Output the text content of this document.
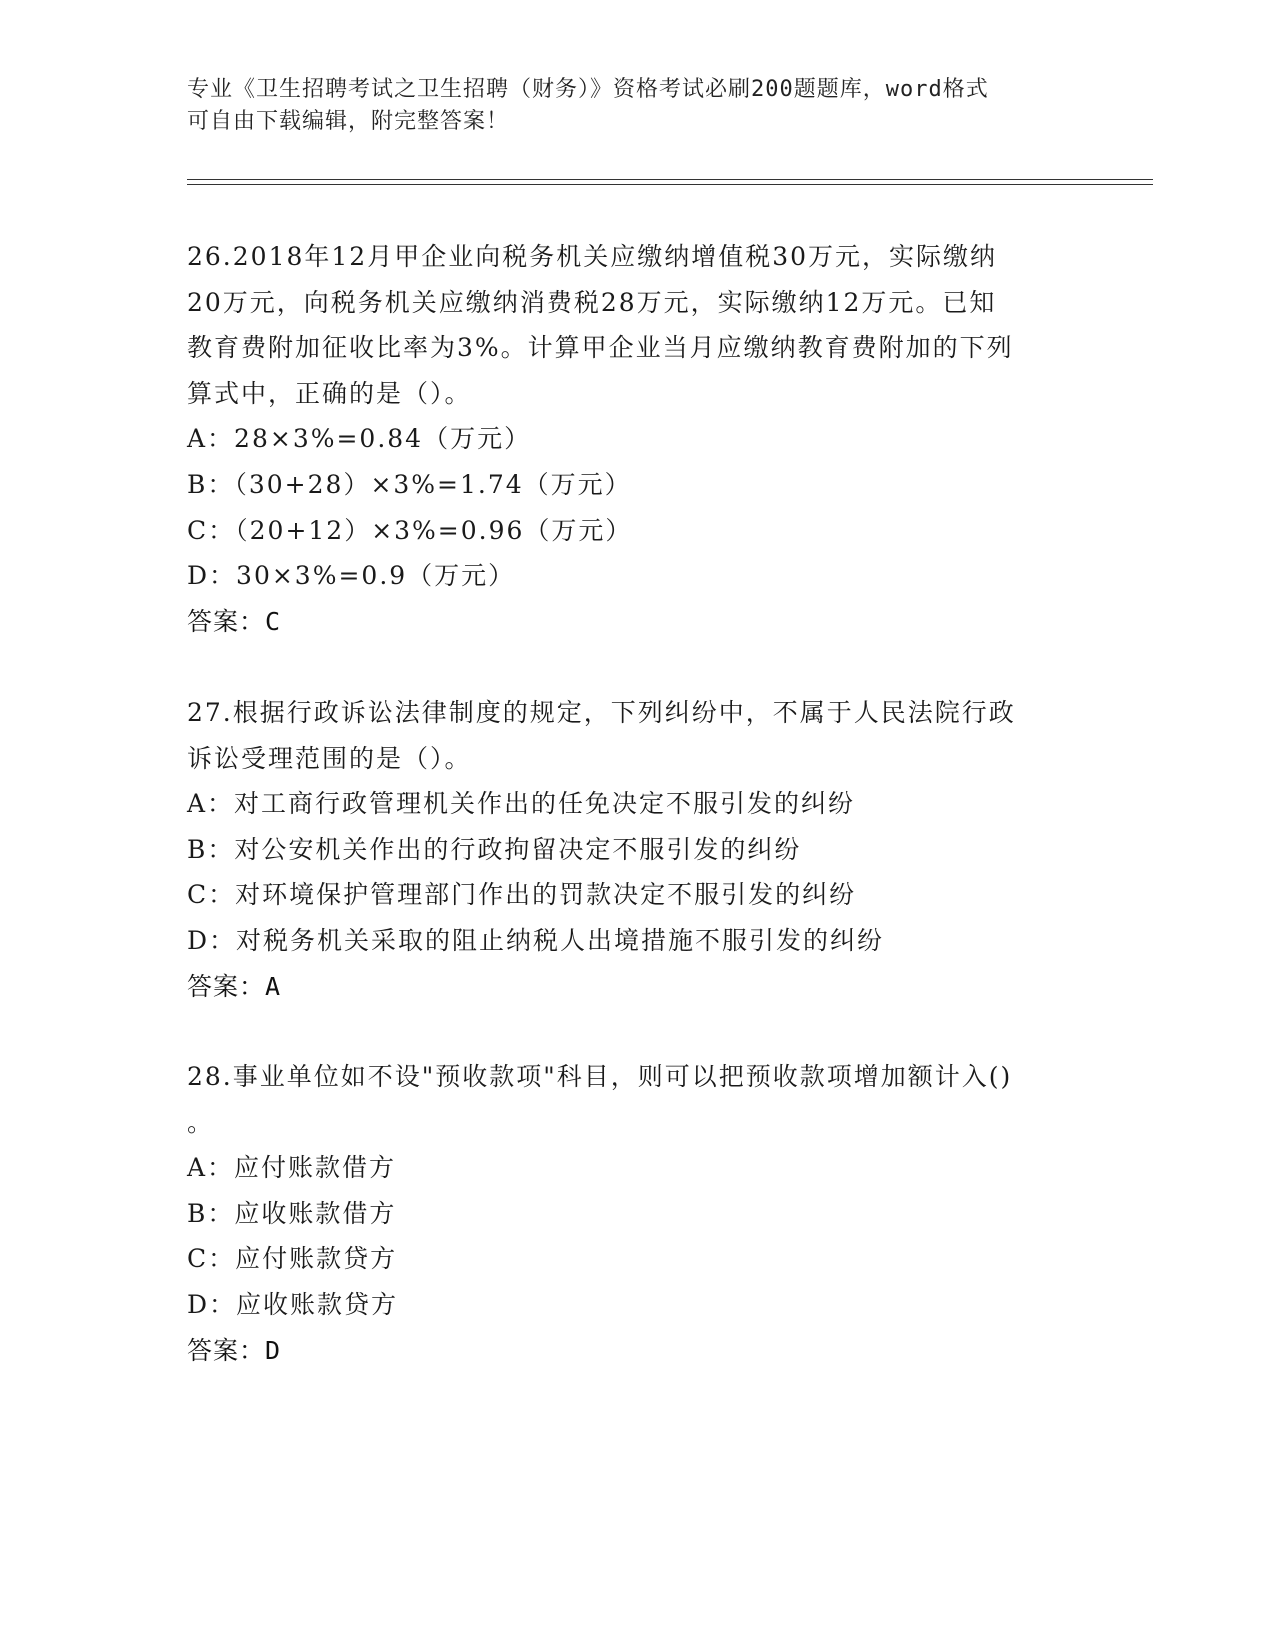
专业《卫生招聘考试之卫生招聘（财务）》资格考试必刷200题题库，word格式
可自由下载编辑，附完整答案！
26.2018年12月甲企业向税务机关应缴纳增值税30万元，实际缴纳
20万元，向税务机关应缴纳消费税28万元，实际缴纳12万元。已知
教育费附加征收比率为3%。计算甲企业当月应缴纳教育费附加的下列
算式中，正确的是（）。
A：28×3%=0.84（万元）
B：（30+28）×3%=1.74（万元）
C：（20+12）×3%=0.96（万元）
D：30×3%=0.9（万元）
答案：C
27.根据行政诉讼法律制度的规定，下列纠纷中，不属于人民法院行政
诉讼受理范围的是（）。
A：对工商行政管理机关作出的任免决定不服引发的纠纷
B：对公安机关作出的行政拘留决定不服引发的纠纷
C：对环境保护管理部门作出的罚款决定不服引发的纠纷
D：对税务机关采取的阻止纳税人出境措施不服引发的纠纷
答案：A
28.事业单位如不设"预收款项"科目，则可以把预收款项增加额计入()
。
A：应付账款借方
B：应收账款借方
C：应付账款贷方
D：应收账款贷方
答案：D
